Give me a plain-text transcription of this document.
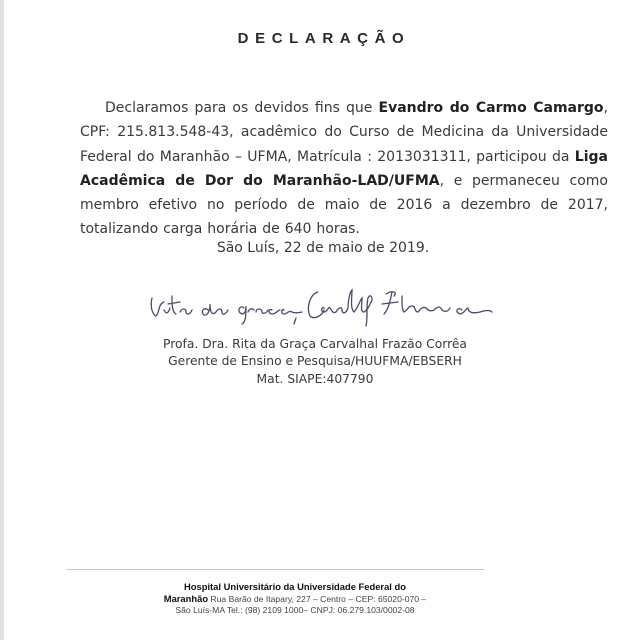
DECLARAÇÃO
Declaramos para os devidos fins que Evandro do Carmo Camargo, CPF: 215.813.548-43, acadêmico do Curso de Medicina da Universidade Federal do Maranhão – UFMA, Matrícula : 2013031311, participou da Liga Acadêmica de Dor do Maranhão-LAD/UFMA, e permaneceu como membro efetivo no período de maio de 2016 a dezembro de 2017, totalizando carga horária de 640 horas.
São Luís, 22 de maio de 2019.
Profa. Dra. Rita da Graça Carvalhal Frazão Corrêa
Gerente de Ensino e Pesquisa/HUUFMA/EBSERH
Mat. SIAPE:407790
Hospital Universitário da Universidade Federal do
Maranhão Rua Barão de Itapary, 227 – Centro – CEP: 65020-070 – São Luís-MA Tel.: (98) 2109 1000– CNPJ: 06.279.103/0002-08
